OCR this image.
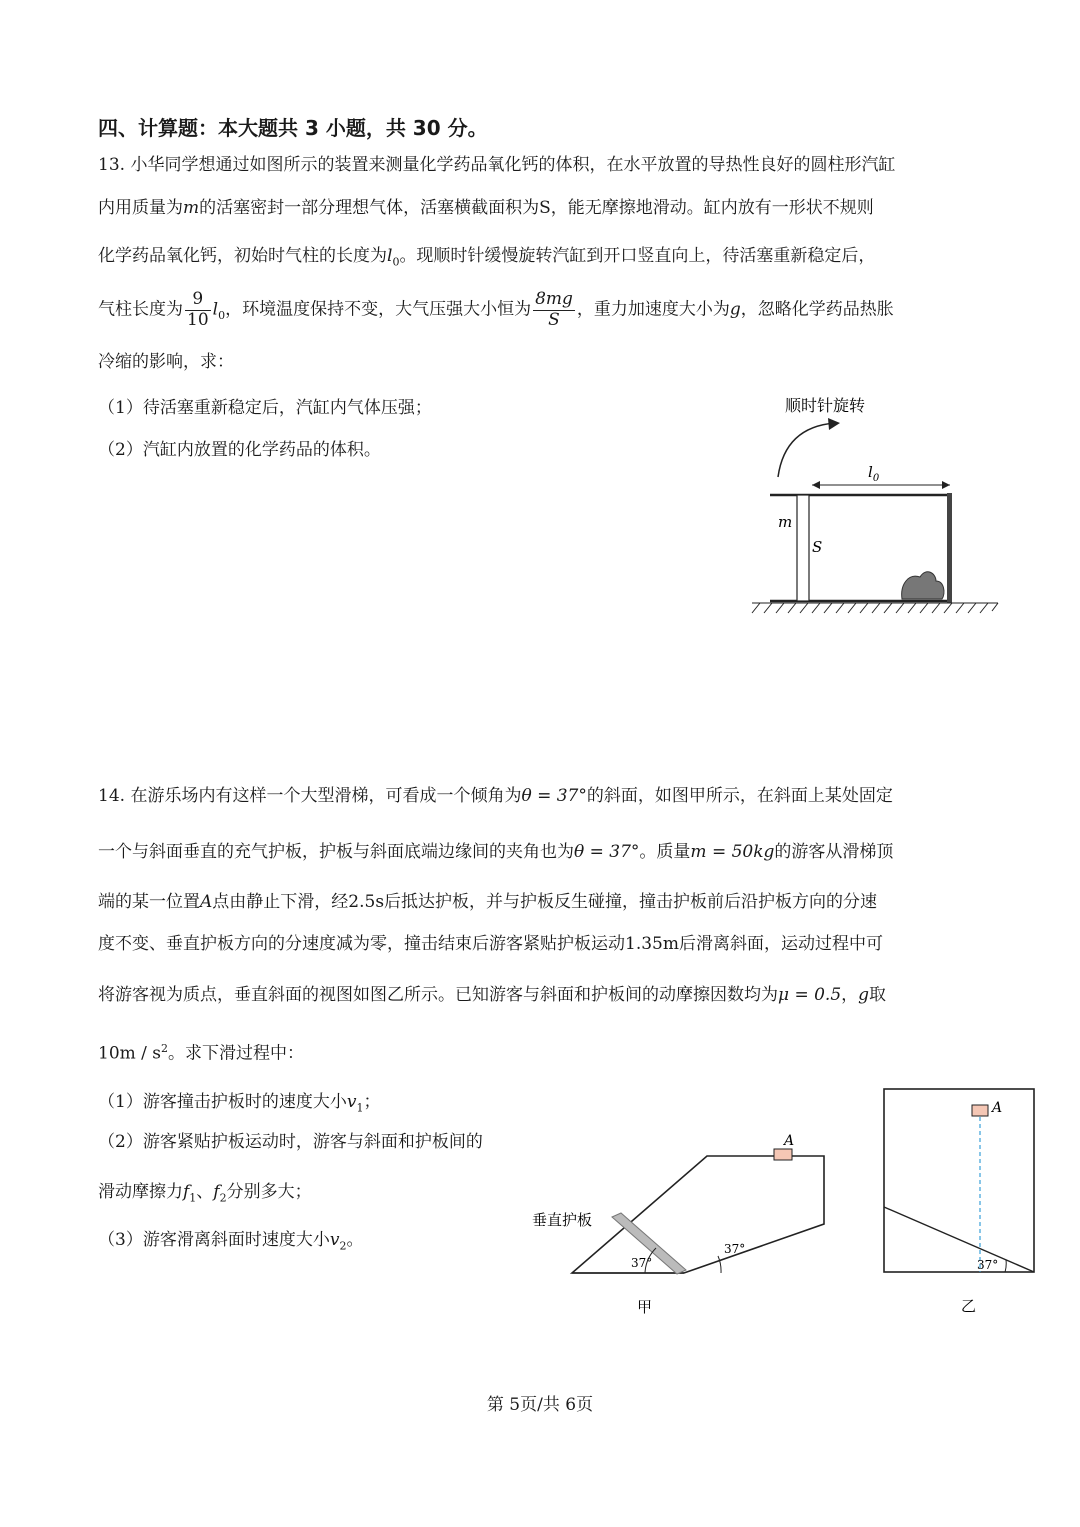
四、计算题：本大题共 3 小题，共 30 分。
13. 小华同学想通过如图所示的装置来测量化学药品氧化钙的体积，在水平放置的导热性良好的圆柱形汽缸
内用质量为m的活塞密封一部分理想气体，活塞横截面积为S，能无摩擦地滑动。缸内放有一形状不规则
化学药品氧化钙，初始时气柱的长度为$l_0$。现顺时针缓慢旋转汽缸到开口竖直向上，待活塞重新稳定后，
气柱长度为 $\frac{9}{10} l_0$，环境温度保持不变，大气压强大小恒为 $\frac{8mg}{S}$ ，重力加速度大小为g，忽略化学药品热胀
冷缩的影响，求：
（1）待活塞重新稳定后，汽缸内气体压强；
（2）汽缸内放置的化学药品的体积。
顺时针旋转
$l_0$
m
S
14. 在游乐场内有这样一个大型滑梯，可看成一个倾角为θ = 37°的斜面，如图甲所示，在斜面上某处固定
一个与斜面垂直的充气护板，护板与斜面底端边缘间的夹角也为θ = 37°。质量m = 50kg的游客从滑梯顶
端的某一位置A点由静止下滑，经2.5s后抵达护板，并与护板反生碰撞，撞击护板前后沿护板方向的分速
度不变、垂直护板方向的分速度减为零，撞击结束后游客紧贴护板运动1.35m后滑离斜面，运动过程中可
将游客视为质点，垂直斜面的视图如图乙所示。已知游客与斜面和护板间的动摩擦因数均为μ = 0.5，g取
$10m / s^2$。求下滑过程中：
（1）游客撞击护板时的速度大小$v_1$；
（2）游客紧贴护板运动时，游客与斜面和护板间的
滑动摩擦力$f_1$、$f_2$分别多大；
（3）游客滑离斜面时速度大小$v_2$。
37°
37°
A
垂直护板
甲
A
37°
乙
第 5页/共 6页
